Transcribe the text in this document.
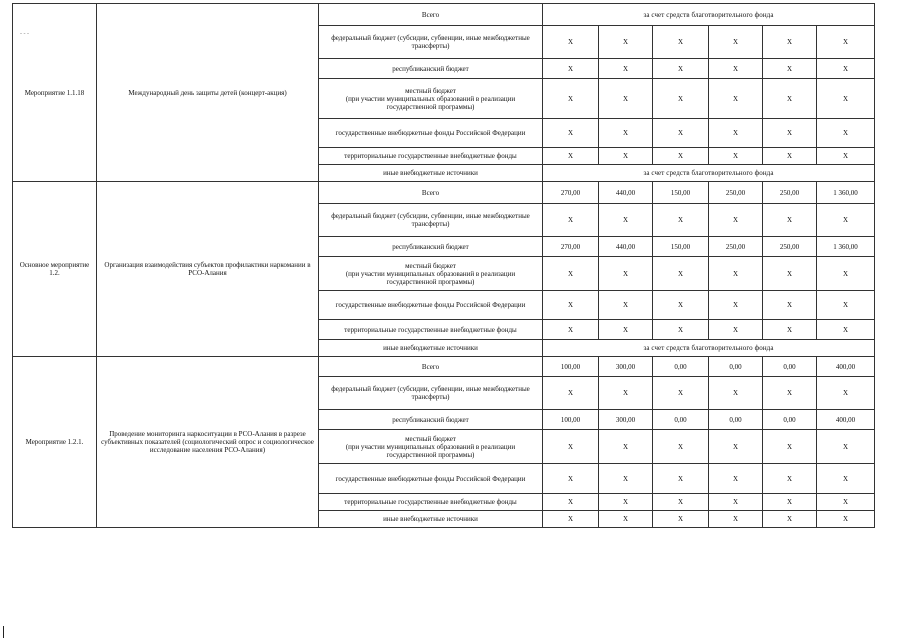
- - -
Мероприятие 1.1.18	Международный день защиты детей (концерт-акция)	Всего	за счет средств благотворительного фонда					
		федеральный бюджет (субсидии, субвенции, иные межбюджетные трансферты)	X	X	X	X	X	X
		республиканский бюджет	X	X	X	X	X	X
		местный бюджет
(при участии муниципальных образований в реализации государственной программы)	X	X	X	X	X	X
		государственные внебюджетные фонды Российской Федерации	X	X	X	X	X	X
		территориальные государственные внебюджетные фонды	X	X	X	X	X	X
		иные внебюджетные источники	за счет средств благотворительного фонда					
Основное мероприятие 1.2.	Организация взаимодействия субъектов профилактики наркомании в РСО-Алания	Всего	270,00	440,00	150,00	250,00	250,00	1 360,00
		федеральный бюджет (субсидии, субвенции, иные межбюджетные трансферты)	X	X	X	X	X	X
		республиканский бюджет	270,00	440,00	150,00	250,00	250,00	1 360,00
		местный бюджет
(при участии муниципальных образований в реализации государственной программы)	X	X	X	X	X	X
		государственные внебюджетные фонды Российской Федерации	X	X	X	X	X	X
		территориальные государственные внебюджетные фонды	X	X	X	X	X	X
		иные внебюджетные источники	за счет средств благотворительного фонда					
Мероприятие 1.2.1.	Проведение мониторинга наркоситуации в РСО-Алания в разрезе субъективных показателей (социологический опрос и социологическое исследование населения РСО-Алания)	Всего	100,00	300,00	0,00	0,00	0,00	400,00
		федеральный бюджет (субсидии, субвенции, иные межбюджетные трансферты)	X	X	X	X	X	X
		республиканский бюджет	100,00	300,00	0,00	0,00	0,00	400,00
		местный бюджет
(при участии муниципальных образований в реализации государственной программы)	X	X	X	X	X	X
		государственные внебюджетные фонды Российской Федерации	X	X	X	X	X	X
		территориальные государственные внебюджетные фонды	X	X	X	X	X	X
		иные внебюджетные источники	X	X	X	X	X	X
